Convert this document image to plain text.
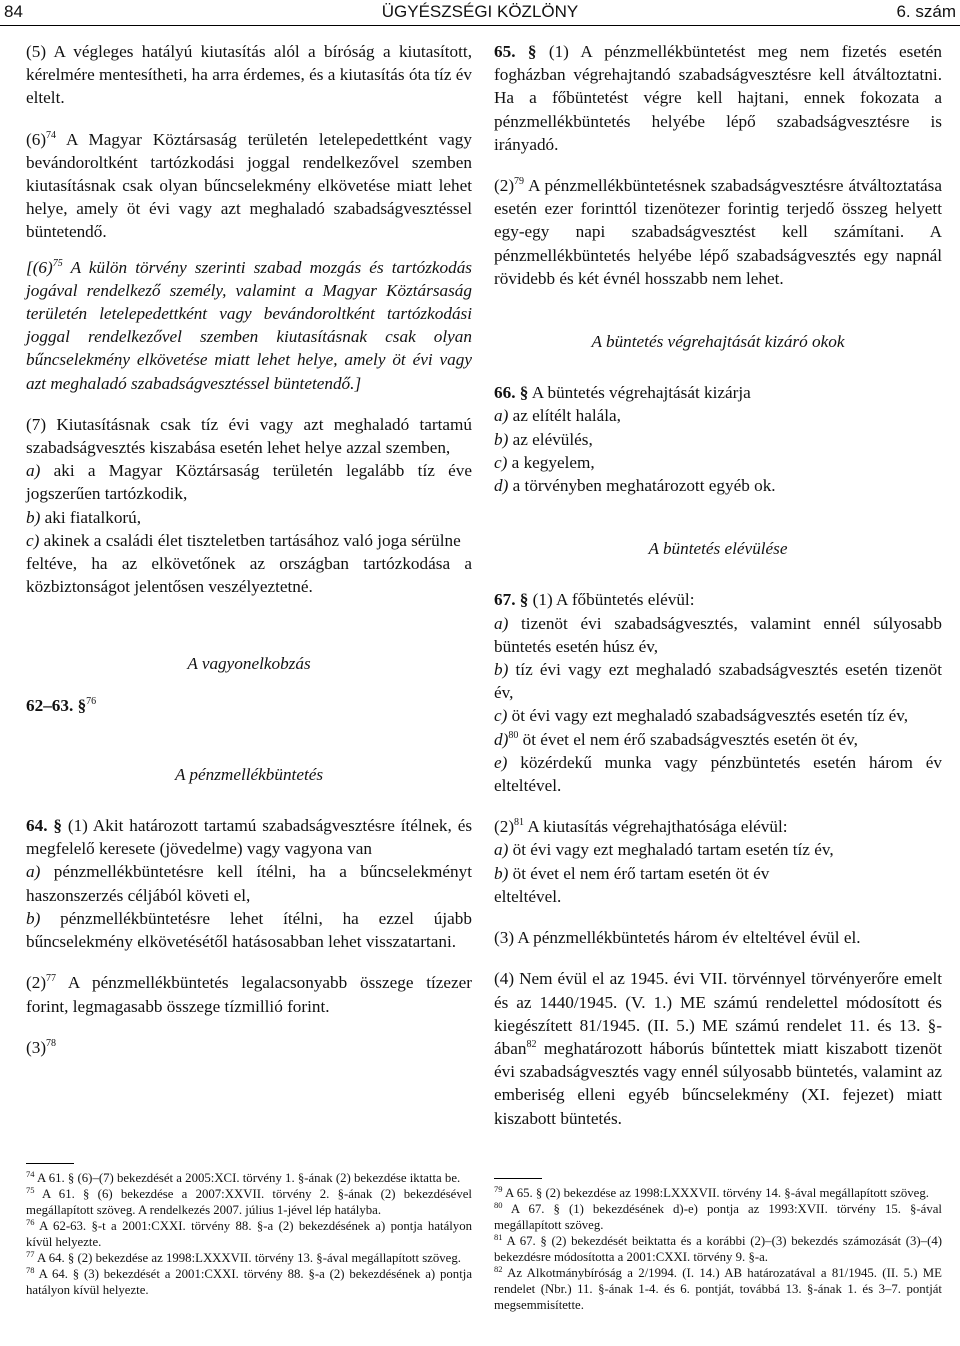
84	ÜGYÉSZSÉGI KÖZLÖNY	6. szám

(5) A végleges hatályú kiutasítás alól a bíróság a kiutasított, kérelmére mentesítheti, ha arra érdemes, és a kiutasítás óta tíz év eltelt.

$(6)^{74}$ A Magyar Köztársaság területén letelepedettként vagy bevándoroltként tartózkodási joggal rendelkezővel szemben kiutasításnak csak olyan bűncselekmény elkövetése miatt lehet helye, amely öt évi vagy azt meghaladó szabadságvesztéssel büntetendő.

[$(6)^{75}$ A külön törvény szerinti szabad mozgás és tartózkodás jogával rendelkező személy, valamint a Magyar Köztársaság területén letelepedettként vagy bevándoroltként tartózkodási joggal rendelkezővel szemben kiutasításnak csak olyan bűncselekmény elkövetése miatt lehet helye, amely öt évi vagy azt meghaladó szabadságvesztéssel büntetendő.]

(7) Kiutasításnak csak tíz évi vagy azt meghaladó tartamú szabadságvesztés kiszabása esetén lehet helye azzal szemben,

a) aki a Magyar Köztársaság területén legalább tíz éve jogszerűen tartózkodik,

b) aki fiatalkorú,

c) akinek a családi élet tiszteletben tartásához való joga sérülne

feltéve, ha az elkövetőnek az országban tartózkodása a közbiztonságot jelentősen veszélyeztetné.

A vagyonelkobzás

62–63. §$^{76}$

A pénzmellékbüntetés

64. § (1) Akit határozott tartamú szabadságvesztésre ítélnek, és megfelelő keresete (jövedelme) vagy vagyona van

a) pénzmellékbüntetésre kell ítélni, ha a bűncselekményt haszonszerzés céljából követi el,

b) pénzmellékbüntetésre lehet ítélni, ha ezzel újabb bűncselekmény elkövetésétől hatásosabban lehet visszatartani.

$(2)^{77}$ A pénzmellékbüntetés legalacsonyabb összege tízezer forint, legmagasabb összege tízmillió forint.

$(3)^{78}$

65. § (1) A pénzmellékbüntetést meg nem fizetés esetén fogházban végrehajtandó szabadságvesztésre kell átváltoztatni. Ha a főbüntetést végre kell hajtani, ennek fokozata a pénzmellékbüntetés helyébe lépő szabadságvesztésre is irányadó.

$(2)^{79}$ A pénzmellékbüntetésnek szabadságvesztésre átváltoztatása esetén ezer forinttól tizenötezer forintig terjedő összeg helyett egy-egy napi szabadságvesztést kell számítani. A pénzmellékbüntetés helyébe lépő szabadságvesztés egy napnál rövidebb és két évnél hosszabb nem lehet.

A büntetés végrehajtását kizáró okok

66. § A büntetés végrehajtását kizárja

a) az elítélt halála,

b) az elévülés,

c) a kegyelem,

d) a törvényben meghatározott egyéb ok.

A büntetés elévülése

67. § (1) A főbüntetés elévül:

a) tizenöt évi szabadságvesztés, valamint ennél súlyosabb büntetés esetén húsz év,

b) tíz évi vagy ezt meghaladó szabadságvesztés esetén tizenöt év,

c) öt évi vagy ezt meghaladó szabadságvesztés esetén tíz év,

d)$^{80}$ öt évet el nem érő szabadságvesztés esetén öt év,

e) közérdekű munka vagy pénzbüntetés esetén három év elteltével.

$(2)^{81}$ A kiutasítás végrehajthatósága elévül:

a) öt évi vagy ezt meghaladó tartam esetén tíz év,

b) öt évet el nem érő tartam esetén öt év

elteltével.

(3) A pénzmellékbüntetés három év elteltével évül el.

(4) Nem évül el az 1945. évi VII. törvénnyel törvényerőre emelt és az 1440/1945. (V. 1.) ME számú rendelettel módosított és kiegészített 81/1945. (II. 5.) ME számú rendelet 11. és 13. §-ában$^{82}$ meghatározott háborús bűntettek miatt kiszabott tizenöt évi szabadságvesztés vagy ennél súlyosabb büntetés, valamint az emberiség elleni egyéb bűncselekmény (XI. fejezet) miatt kiszabott büntetés.

$^{74}$ A 61. § (6)–(7) bekezdését a 2005:XCI. törvény 1. §-ának (2) bekezdése iktatta be.

$^{75}$ A 61. § (6) bekezdése a 2007:XXVII. törvény 2. §-ának (2) bekezdésével megállapított szöveg. A rendelkezés 2007. július 1-jével lép hatályba.

$^{76}$ A 62-63. §-t a 2001:CXXI. törvény 88. §-a (2) bekezdésének a) pontja hatályon kívül helyezte.

$^{77}$ A 64. § (2) bekezdése az 1998:LXXXVII. törvény 13. §-ával megállapított szöveg.

$^{78}$ A 64. § (3) bekezdését a 2001:CXXI. törvény 88. §-a (2) bekezdésének a) pontja hatályon kívül helyezte.

$^{79}$ A 65. § (2) bekezdése az 1998:LXXXVII. törvény 14. §-ával megállapított szöveg.

$^{80}$ A 67. § (1) bekezdésének d)-e) pontja az 1993:XVII. törvény 15. §-ával megállapított szöveg.

$^{81}$ A 67. § (2) bekezdését beiktatta és a korábbi (2)–(3) bekezdés számozását (3)–(4) bekezdésre módosította a 2001:CXXI. törvény 9. §-a.

$^{82}$ Az Alkotmánybíróság a 2/1994. (I. 14.) AB határozatával a 81/1945. (II. 5.) ME rendelet (Nbr.) 11. §-ának 1-4. és 6. pontját, továbbá 13. §-ának 1. és 3–7. pontját megsemmisítette.
